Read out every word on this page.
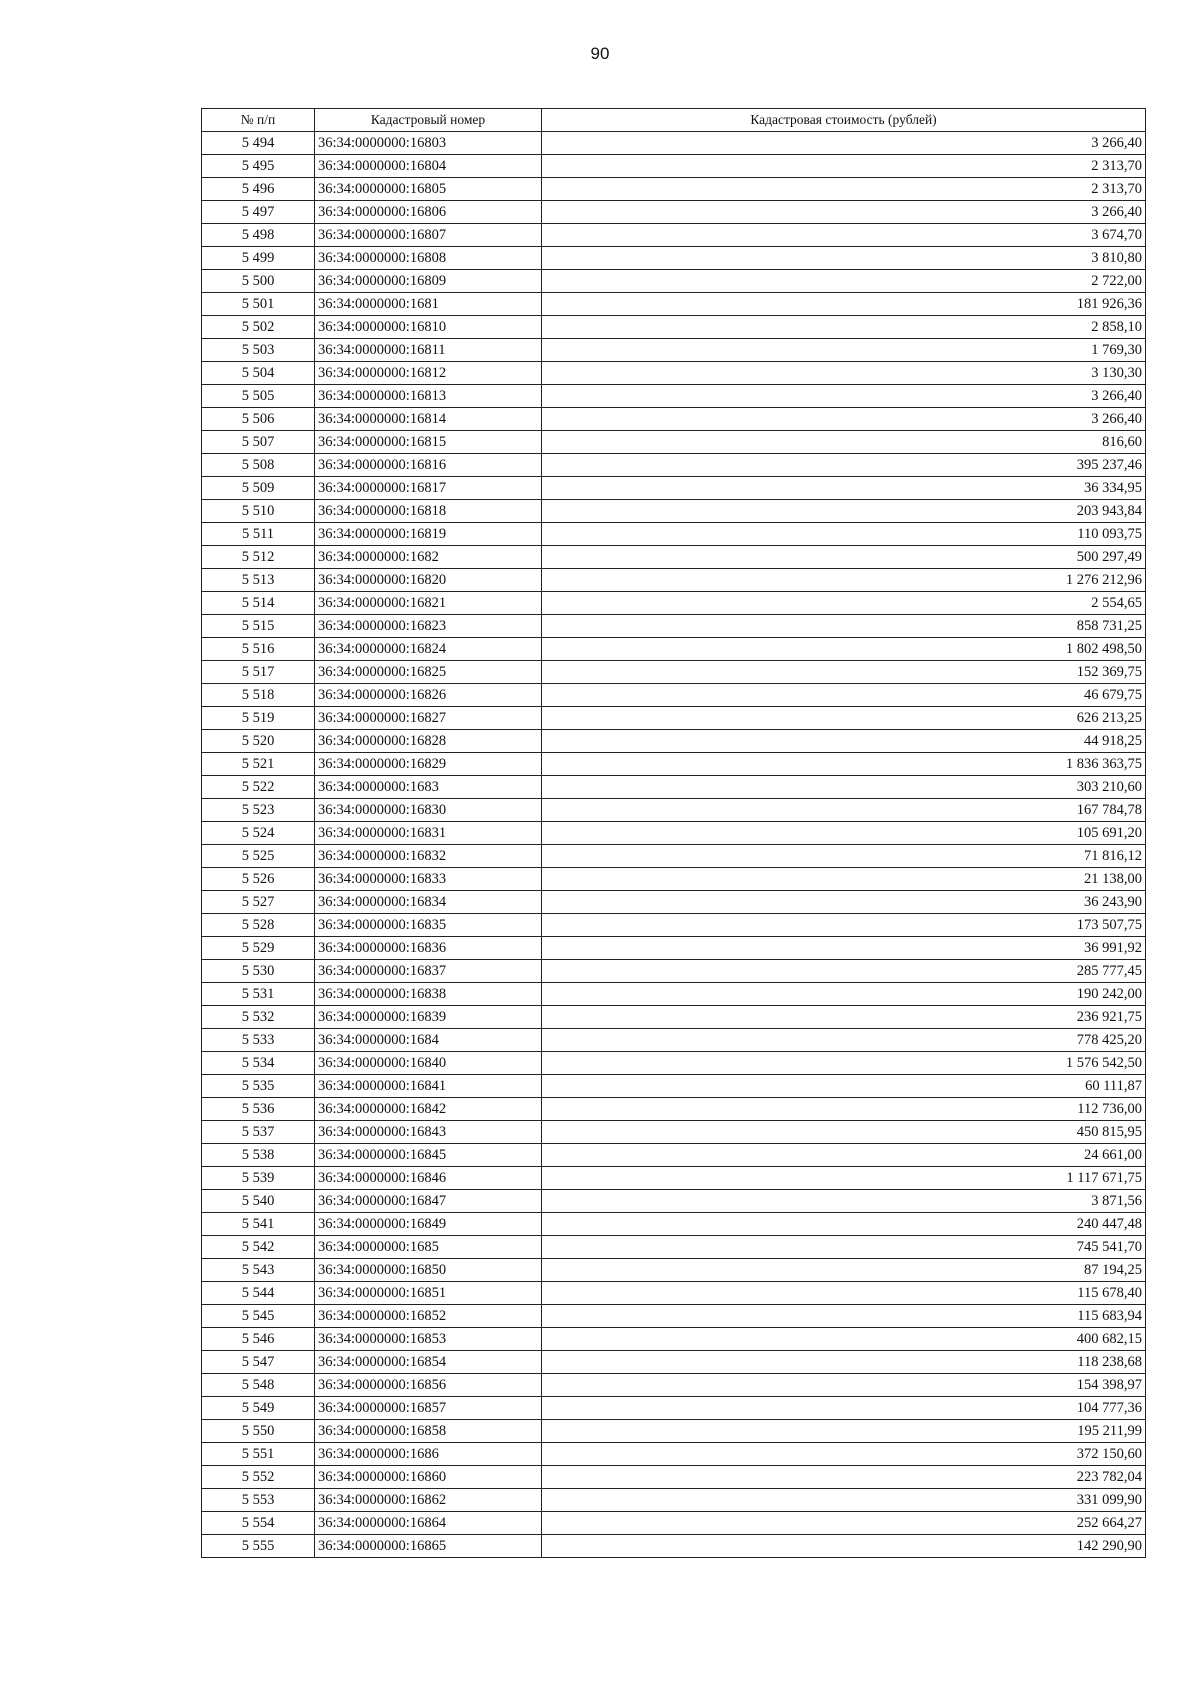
90
№ п/п	Кадастровый номер	Кадастровая стоимость (рублей)
5 494	36:34:0000000:16803	3 266,40
5 495	36:34:0000000:16804	2 313,70
5 496	36:34:0000000:16805	2 313,70
5 497	36:34:0000000:16806	3 266,40
5 498	36:34:0000000:16807	3 674,70
5 499	36:34:0000000:16808	3 810,80
5 500	36:34:0000000:16809	2 722,00
5 501	36:34:0000000:1681	181 926,36
5 502	36:34:0000000:16810	2 858,10
5 503	36:34:0000000:16811	1 769,30
5 504	36:34:0000000:16812	3 130,30
5 505	36:34:0000000:16813	3 266,40
5 506	36:34:0000000:16814	3 266,40
5 507	36:34:0000000:16815	816,60
5 508	36:34:0000000:16816	395 237,46
5 509	36:34:0000000:16817	36 334,95
5 510	36:34:0000000:16818	203 943,84
5 511	36:34:0000000:16819	110 093,75
5 512	36:34:0000000:1682	500 297,49
5 513	36:34:0000000:16820	1 276 212,96
5 514	36:34:0000000:16821	2 554,65
5 515	36:34:0000000:16823	858 731,25
5 516	36:34:0000000:16824	1 802 498,50
5 517	36:34:0000000:16825	152 369,75
5 518	36:34:0000000:16826	46 679,75
5 519	36:34:0000000:16827	626 213,25
5 520	36:34:0000000:16828	44 918,25
5 521	36:34:0000000:16829	1 836 363,75
5 522	36:34:0000000:1683	303 210,60
5 523	36:34:0000000:16830	167 784,78
5 524	36:34:0000000:16831	105 691,20
5 525	36:34:0000000:16832	71 816,12
5 526	36:34:0000000:16833	21 138,00
5 527	36:34:0000000:16834	36 243,90
5 528	36:34:0000000:16835	173 507,75
5 529	36:34:0000000:16836	36 991,92
5 530	36:34:0000000:16837	285 777,45
5 531	36:34:0000000:16838	190 242,00
5 532	36:34:0000000:16839	236 921,75
5 533	36:34:0000000:1684	778 425,20
5 534	36:34:0000000:16840	1 576 542,50
5 535	36:34:0000000:16841	60 111,87
5 536	36:34:0000000:16842	112 736,00
5 537	36:34:0000000:16843	450 815,95
5 538	36:34:0000000:16845	24 661,00
5 539	36:34:0000000:16846	1 117 671,75
5 540	36:34:0000000:16847	3 871,56
5 541	36:34:0000000:16849	240 447,48
5 542	36:34:0000000:1685	745 541,70
5 543	36:34:0000000:16850	87 194,25
5 544	36:34:0000000:16851	115 678,40
5 545	36:34:0000000:16852	115 683,94
5 546	36:34:0000000:16853	400 682,15
5 547	36:34:0000000:16854	118 238,68
5 548	36:34:0000000:16856	154 398,97
5 549	36:34:0000000:16857	104 777,36
5 550	36:34:0000000:16858	195 211,99
5 551	36:34:0000000:1686	372 150,60
5 552	36:34:0000000:16860	223 782,04
5 553	36:34:0000000:16862	331 099,90
5 554	36:34:0000000:16864	252 664,27
5 555	36:34:0000000:16865	142 290,90
